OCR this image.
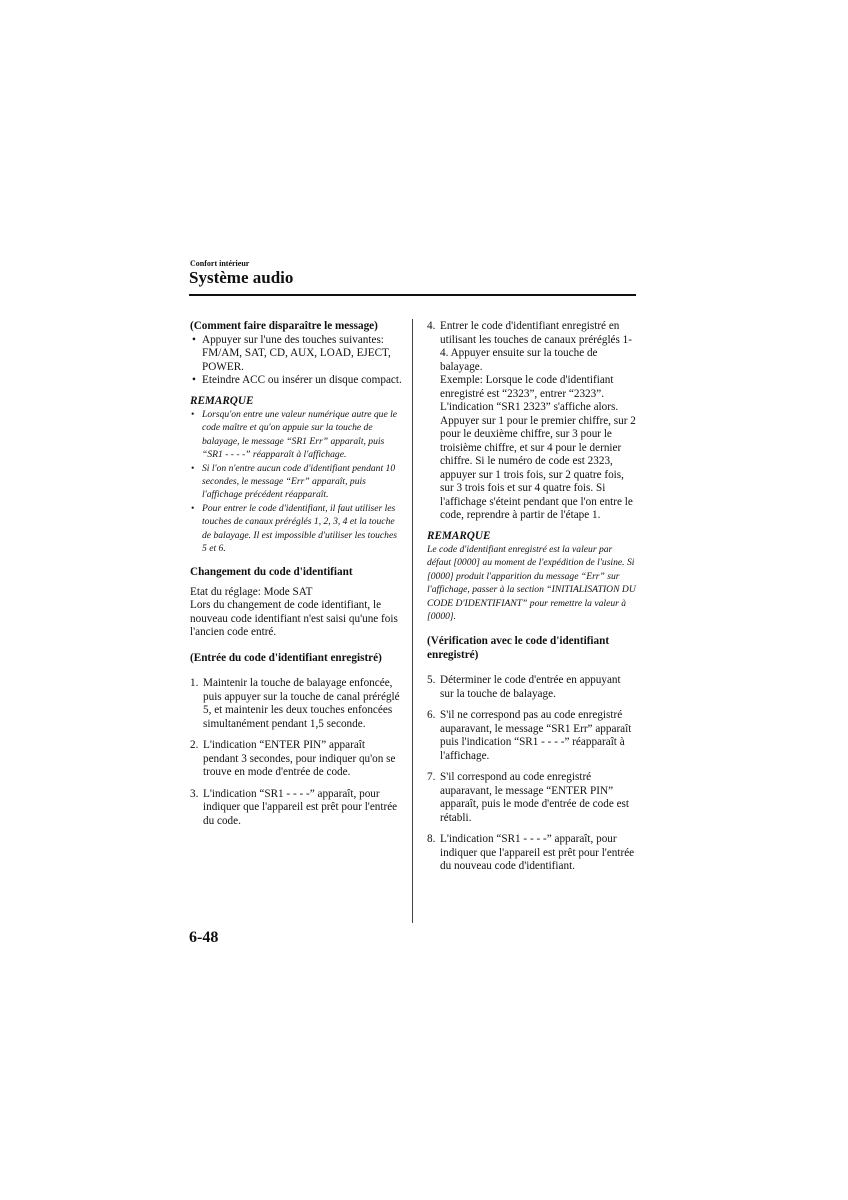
Confort intérieur
Système audio

(Comment faire disparaître le message)

• Appuyer sur l'une des touches suivantes: FM/AM, SAT, CD, AUX, LOAD, EJECT, POWER.
• Eteindre ACC ou insérer un disque compact.

REMARQUE

• Lorsqu'on entre une valeur numérique autre que le code maître et qu'on appuie sur la touche de balayage, le message “SR1 Err” apparaît, puis “SR1 - - - -” réapparaît à l'affichage.
• Si l'on n'entre aucun code d'identifiant pendant 10 secondes, le message “Err” apparaît, puis l'affichage précédent réapparaît.
• Pour entrer le code d'identifiant, il faut utiliser les touches de canaux préréglés 1, 2, 3, 4 et la touche de balayage. Il est impossible d'utiliser les touches 5 et 6.

Changement du code d'identifiant

Etat du réglage: Mode SAT

Lors du changement de code identifiant, le nouveau code identifiant n'est saisi qu'une fois l'ancien code entré.

(Entrée du code d'identifiant enregistré)

1. Maintenir la touche de balayage enfoncée, puis appuyer sur la touche de canal préréglé 5, et maintenir les deux touches enfoncées simultanément pendant 1,5 seconde.
2. L'indication “ENTER PIN” apparaît pendant 3 secondes, pour indiquer qu'on se trouve en mode d'entrée de code.
3. L'indication “SR1 - - - -” apparaît, pour indiquer que l'appareil est prêt pour l'entrée du code.
4. Entrer le code d'identifiant enregistré en utilisant les touches de canaux préréglés 1-4. Appuyer ensuite sur la touche de balayage.
Exemple: Lorsque le code d'identifiant enregistré est “2323”, entrer “2323”. L'indication “SR1 2323” s'affiche alors.
Appuyer sur 1 pour le premier chiffre, sur 2 pour le deuxième chiffre, sur 3 pour le troisième chiffre, et sur 4 pour le dernier chiffre. Si le numéro de code est 2323, appuyer sur 1 trois fois, sur 2 quatre fois, sur 3 trois fois et sur 4 quatre fois. Si l'affichage s'éteint pendant que l'on entre le code, reprendre à partir de l'étape 1.

REMARQUE

Le code d'identifiant enregistré est la valeur par défaut [0000] au moment de l'expédition de l'usine. Si [0000] produit l'apparition du message “Err” sur l'affichage, passer à la section “INITIALISATION DU CODE D'IDENTIFIANT” pour remettre la valeur à [0000].

(Vérification avec le code d'identifiant enregistré)

5. Déterminer le code d'entrée en appuyant sur la touche de balayage.
6. S'il ne correspond pas au code enregistré auparavant, le message “SR1 Err” apparaît puis l'indication “SR1 - - - -” réapparaît à l'affichage.
7. S'il correspond au code enregistré auparavant, le message “ENTER PIN” apparaît, puis le mode d'entrée de code est rétabli.
8. L'indication “SR1 - - - -” apparaît, pour indiquer que l'appareil est prêt pour l'entrée du nouveau code d'identifiant.
6-48
